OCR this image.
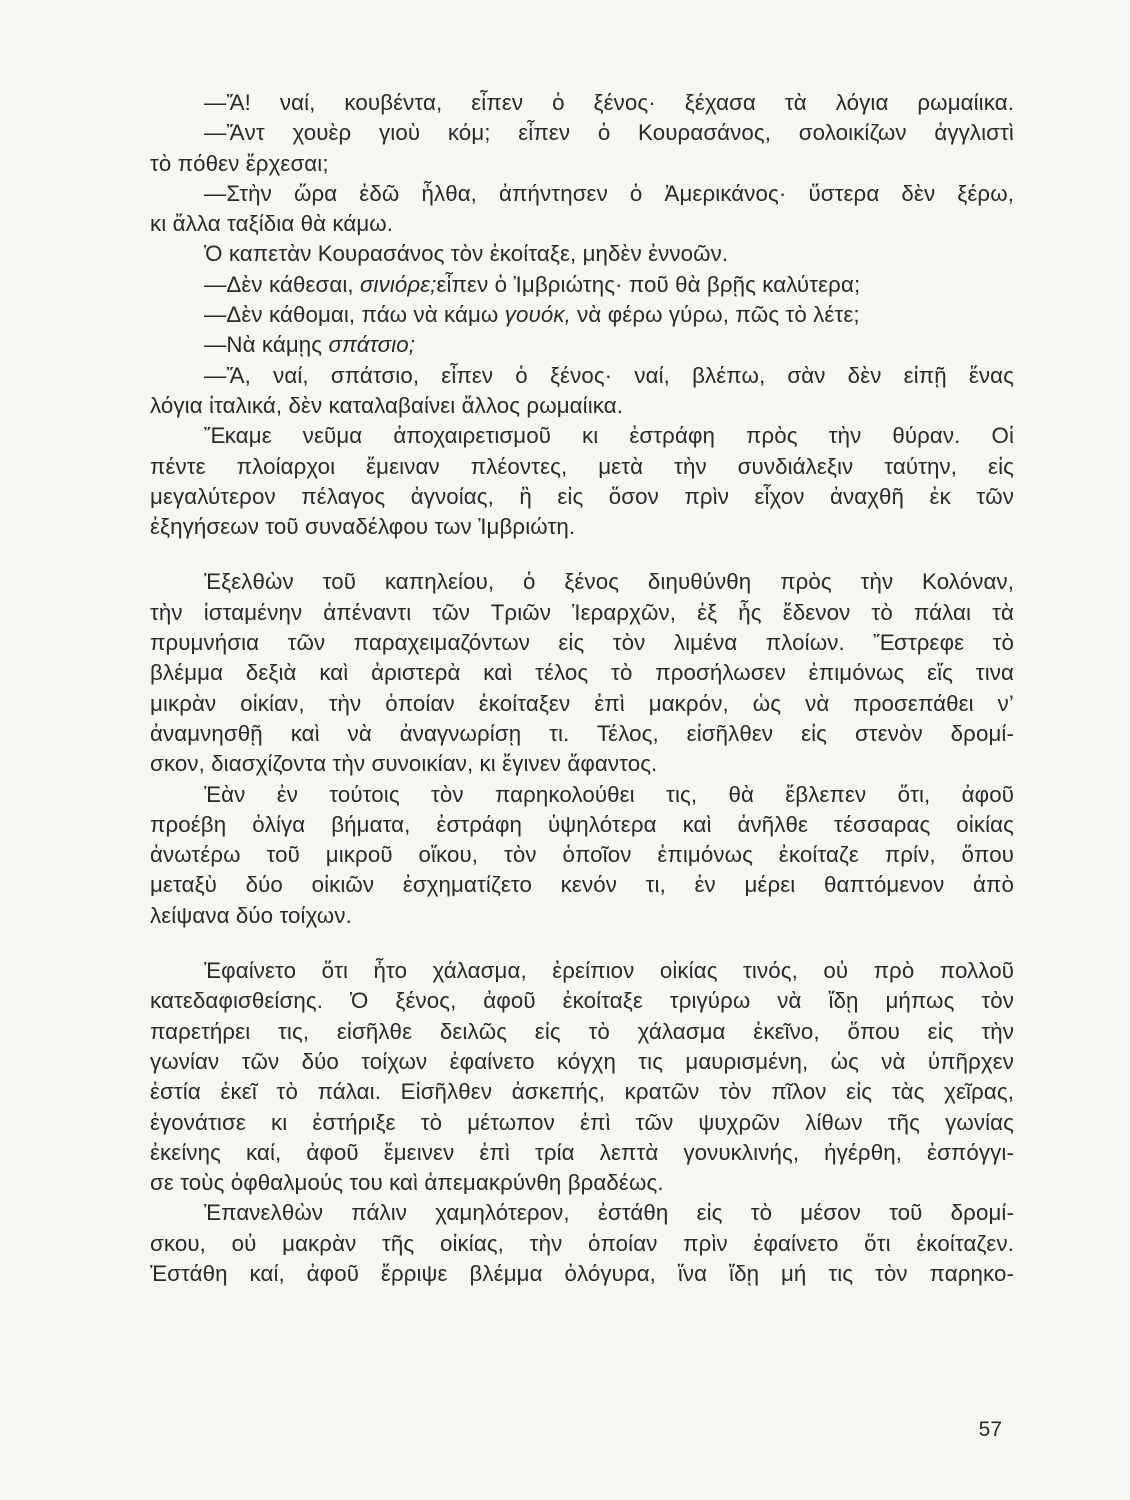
—Ἄ! ναί, κουβέντα, εἶπεν ὁ ξένος· ξέχασα τὰ λόγια ρωμαίικα.
—Ἄντ χουὲρ γιοὺ κόμ; εἶπεν ὁ Κουρασάνος, σολοικίζων ἀγγλιστὶ
τὸ πόθεν ἔρχεσαι;
—Στὴν ὥρα ἐδῶ ἦλθα, ἀπήντησεν ὁ Ἀμερικάνος· ὕστερα δὲν ξέρω,
κι ἄλλα ταξίδια θὰ κάμω.
Ὁ καπετὰν Κουρασάνος τὸν ἐκοίταξε, μηδὲν ἐννοῶν.
—Δὲν κάθεσαι, σινιόρε;εἶπεν ὁ Ἰμβριώτης· ποῦ θὰ βρῇς καλύτερα;
—Δὲν κάθομαι, πάω νὰ κάμω γουόκ, νὰ φέρω γύρω, πῶς τὸ λέτε;
—Νὰ κάμῃς σπάτσιο;
—Ἄ, ναί, σπάτσιο, εἶπεν ὁ ξένος· ναί, βλέπω, σὰν δὲν εἰπῇ ἕνας
λόγια ἰταλικά, δὲν καταλαβαίνει ἄλλος ρωμαίικα.
Ἔκαμε νεῦμα ἀποχαιρετισμοῦ κι ἐστράφη πρὸς τὴν θύραν. Οἱ
πέντε πλοίαρχοι ἔμειναν πλέοντες, μετὰ τὴν συνδιάλεξιν ταύτην, εἰς
μεγαλύτερον πέλαγος ἀγνοίας, ἢ εἰς ὅσον πρὶν εἶχον ἀναχθῆ ἐκ τῶν
ἐξηγήσεων τοῦ συναδέλφου των Ἰμβριώτη.
Ἐξελθὼν τοῦ καπηλείου, ὁ ξένος διηυθύνθη πρὸς τὴν Κολόναν,
τὴν ἱσταμένην ἀπέναντι τῶν Τριῶν Ἱεραρχῶν, ἐξ ἧς ἔδενον τὸ πάλαι τὰ
πρυμνήσια τῶν παραχειμαζόντων εἰς τὸν λιμένα πλοίων. Ἔστρεφε τὸ
βλέμμα δεξιὰ καὶ ἀριστερὰ καὶ τέλος τὸ προσήλωσεν ἐπιμόνως εἴς τινα
μικρὰν οἰκίαν, τὴν ὁποίαν ἐκοίταξεν ἐπὶ μακρόν, ὡς νὰ προσεπάθει ν’
ἀναμνησθῇ καὶ νὰ ἀναγνωρίσῃ τι. Τέλος, εἰσῆλθεν εἰς στενὸν δρομί-
σκον, διασχίζοντα τὴν συνοικίαν, κι ἔγινεν ἄφαντος.
Ἐὰν ἐν τούτοις τὸν παρηκολούθει τις, θὰ ἔβλεπεν ὅτι, ἀφοῦ
προέβη ὀλίγα βήματα, ἐστράφη ὑψηλότερα καὶ ἀνῆλθε τέσσαρας οἰκίας
ἀνωτέρω τοῦ μικροῦ οἴκου, τὸν ὁποῖον ἐπιμόνως ἐκοίταζε πρίν, ὅπου
μεταξὺ δύο οἰκιῶν ἐσχηματίζετο κενόν τι, ἐν μέρει θαπτόμενον ἀπὸ
λείψανα δύο τοίχων.
Ἐφαίνετο ὅτι ἦτο χάλασμα, ἐρείπιον οἰκίας τινός, οὐ πρὸ πολλοῦ
κατεδαφισθείσης. Ὁ ξένος, ἀφοῦ ἐκοίταξε τριγύρω νὰ ἴδῃ μήπως τὸν
παρετήρει τις, εἰσῆλθε δειλῶς εἰς τὸ χάλασμα ἐκεῖνο, ὅπου εἰς τὴν
γωνίαν τῶν δύο τοίχων ἐφαίνετο κόγχη τις μαυρισμένη, ὡς νὰ ὑπῆρχεν
ἑστία ἐκεῖ τὸ πάλαι. Εἰσῆλθεν ἀσκεπής, κρατῶν τὸν πῖλον εἰς τὰς χεῖρας,
ἐγονάτισε κι ἐστήριξε τὸ μέτωπον ἐπὶ τῶν ψυχρῶν λίθων τῆς γωνίας
ἐκείνης καί, ἀφοῦ ἔμεινεν ἐπὶ τρία λεπτὰ γονυκλινής, ἠγέρθη, ἐσπόγγι-
σε τοὺς ὀφθαλμούς του καὶ ἀπεμακρύνθη βραδέως.
Ἐπανελθὼν πάλιν χαμηλότερον, ἐστάθη εἰς τὸ μέσον τοῦ δρομί-
σκου, οὐ μακρὰν τῆς οἰκίας, τὴν ὁποίαν πρὶν ἐφαίνετο ὅτι ἐκοίταζεν.
Ἐστάθη καί, ἀφοῦ ἔρριψε βλέμμα ὀλόγυρα, ἵνα ἴδῃ μή τις τὸν παρηκο-
57
